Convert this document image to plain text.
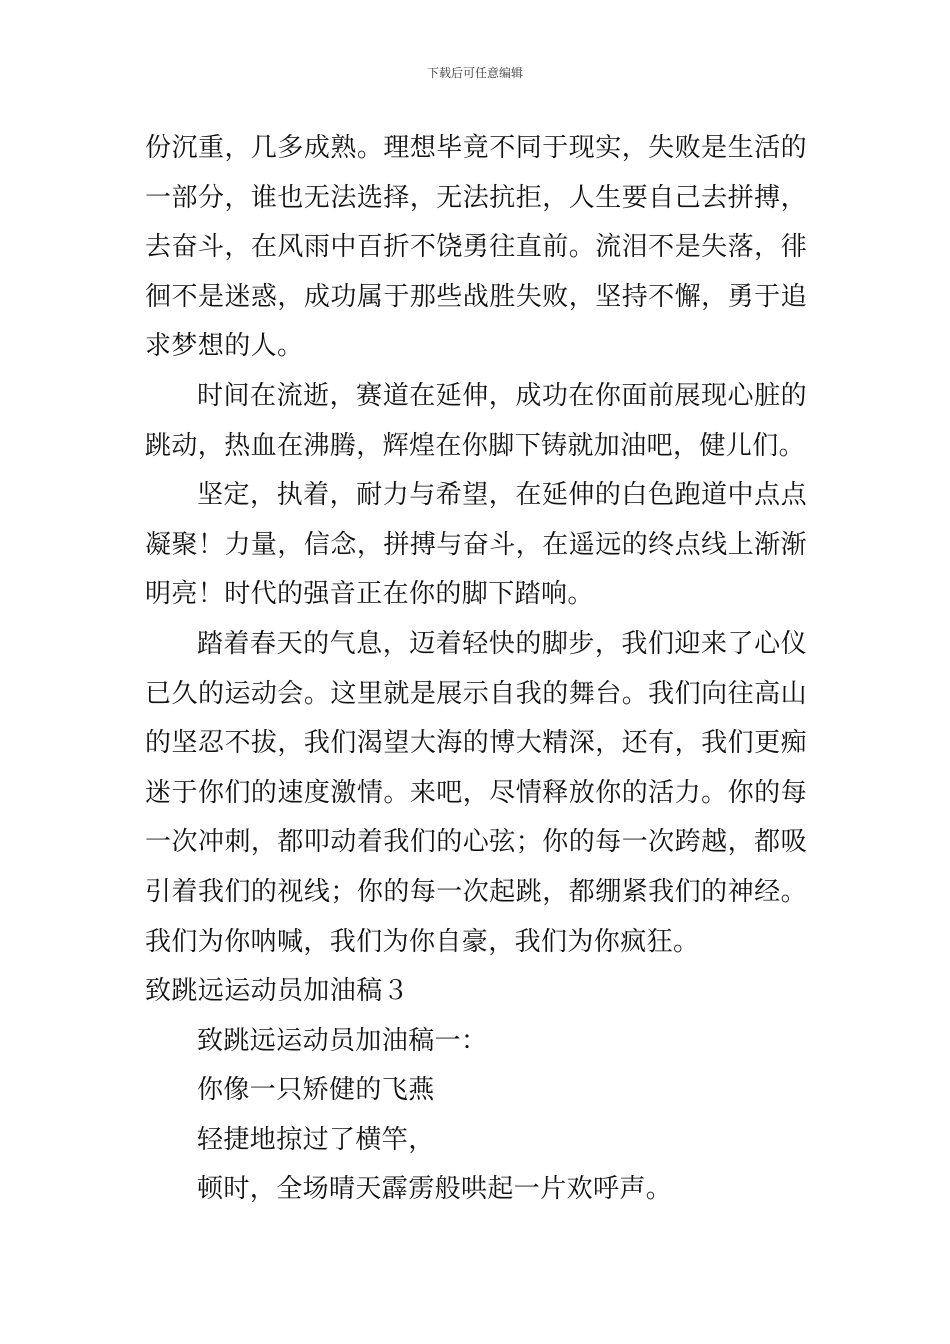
下载后可任意编辑

份沉重，几多成熟。理想毕竟不同于现实，失败是生活的一部分，谁也无法选择，无法抗拒，人生要自己去拼搏，去奋斗，在风雨中百折不饶勇往直前。流泪不是失落，徘徊不是迷惑，成功属于那些战胜失败，坚持不懈，勇于追求梦想的人。

时间在流逝，赛道在延伸，成功在你面前展现心脏的跳动，热血在沸腾，辉煌在你脚下铸就加油吧，健儿们。

坚定，执着，耐力与希望，在延伸的白色跑道中点点凝聚！力量，信念，拼搏与奋斗，在遥远的终点线上渐渐明亮！时代的强音正在你的脚下踏响。

踏着春天的气息，迈着轻快的脚步，我们迎来了心仪已久的运动会。这里就是展示自我的舞台。我们向往高山的坚忍不拔，我们渴望大海的博大精深，还有，我们更痴迷于你们的速度激情。来吧，尽情释放你的活力。你的每一次冲刺，都叩动着我们的心弦；你的每一次跨越，都吸引着我们的视线；你的每一次起跳，都绷紧我们的神经。我们为你呐喊，我们为你自豪，我们为你疯狂。

致跳远运动员加油稿３

致跳远运动员加油稿一：

你像一只矫健的飞燕

轻捷地掠过了横竿，

顿时，全场晴天霹雳般哄起一片欢呼声。
